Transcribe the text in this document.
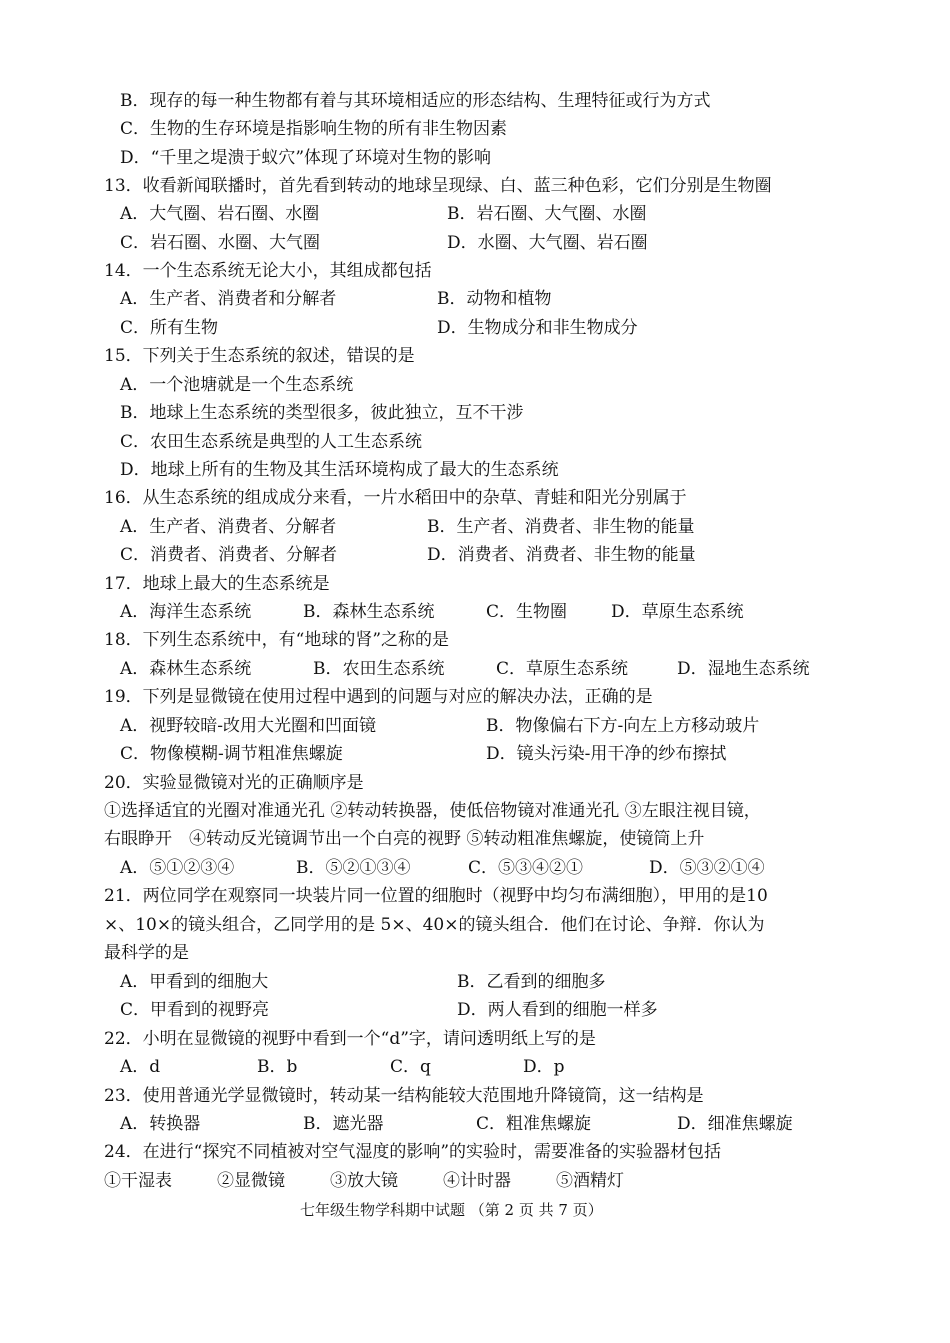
B．现存的每一种生物都有着与其环境相适应的形态结构、生理特征或行为方式
C．生物的生存环境是指影响生物的所有非生物因素
D．“千里之堤溃于蚁穴”体现了环境对生物的影响
13．收看新闻联播时，首先看到转动的地球呈现绿、白、蓝三种色彩，它们分别是生物圈
A．大气圈、岩石圈、水圈	B．岩石圈、大气圈、水圈
C．岩石圈、水圈、大气圈	D．水圈、大气圈、岩石圈
14．一个生态系统无论大小，其组成都包括
A．生产者、消费者和分解者	B．动物和植物
C．所有生物	D．生物成分和非生物成分
15．下列关于生态系统的叙述，错误的是
A．一个池塘就是一个生态系统
B．地球上生态系统的类型很多，彼此独立，互不干涉
C．农田生态系统是典型的人工生态系统
D．地球上所有的生物及其生活环境构成了最大的生态系统
16．从生态系统的组成成分来看，一片水稻田中的杂草、青蛙和阳光分别属于
A．生产者、消费者、分解者	B．生产者、消费者、非生物的能量
C．消费者、消费者、分解者	D．消费者、消费者、非生物的能量
17．地球上最大的生态系统是
A．海洋生态系统	B．森林生态系统	C．生物圈	D．草原生态系统
18．下列生态系统中，有“地球的肾”之称的是
A．森林生态系统	B．农田生态系统	C．草原生态系统	D．湿地生态系统
19．下列是显微镜在使用过程中遇到的问题与对应的解决办法，正确的是
A．视野较暗-改用大光圈和凹面镜	B．物像偏右下方-向左上方移动玻片
C．物像模糊-调节粗准焦螺旋	D．镜头污染-用干净的纱布擦拭
20．实验显微镜对光的正确顺序是
①选择适宜的光圈对准通光孔 ②转动转换器，使低倍物镜对准通光孔 ③左眼注视目镜，
右眼睁开　④转动反光镜调节出一个白亮的视野 ⑤转动粗准焦螺旋，使镜筒上升
A．⑤①②③④	B．⑤②①③④	C．⑤③④②①	D．⑤③②①④
21．两位同学在观察同一块装片同一位置的细胞时（视野中均匀布满细胞），甲用的是10
×、10×的镜头组合，乙同学用的是 5×、40×的镜头组合．他们在讨论、争辩．你认为
最科学的是
A．甲看到的细胞大	B．乙看到的细胞多
C．甲看到的视野亮	D．两人看到的细胞一样多
22．小明在显微镜的视野中看到一个“d”字，请问透明纸上写的是
A．d	B．b	C．q	D．p
23．使用普通光学显微镜时，转动某一结构能较大范围地升降镜筒，这一结构是
A．转换器	B．遮光器	C．粗准焦螺旋	D．细准焦螺旋
24．在进行“探究不同植被对空气湿度的影响”的实验时，需要准备的实验器材包括
①干湿表	②显微镜	③放大镜	④计时器	⑤酒精灯
七年级生物学科期中试题 （第 2 页 共 7 页）
